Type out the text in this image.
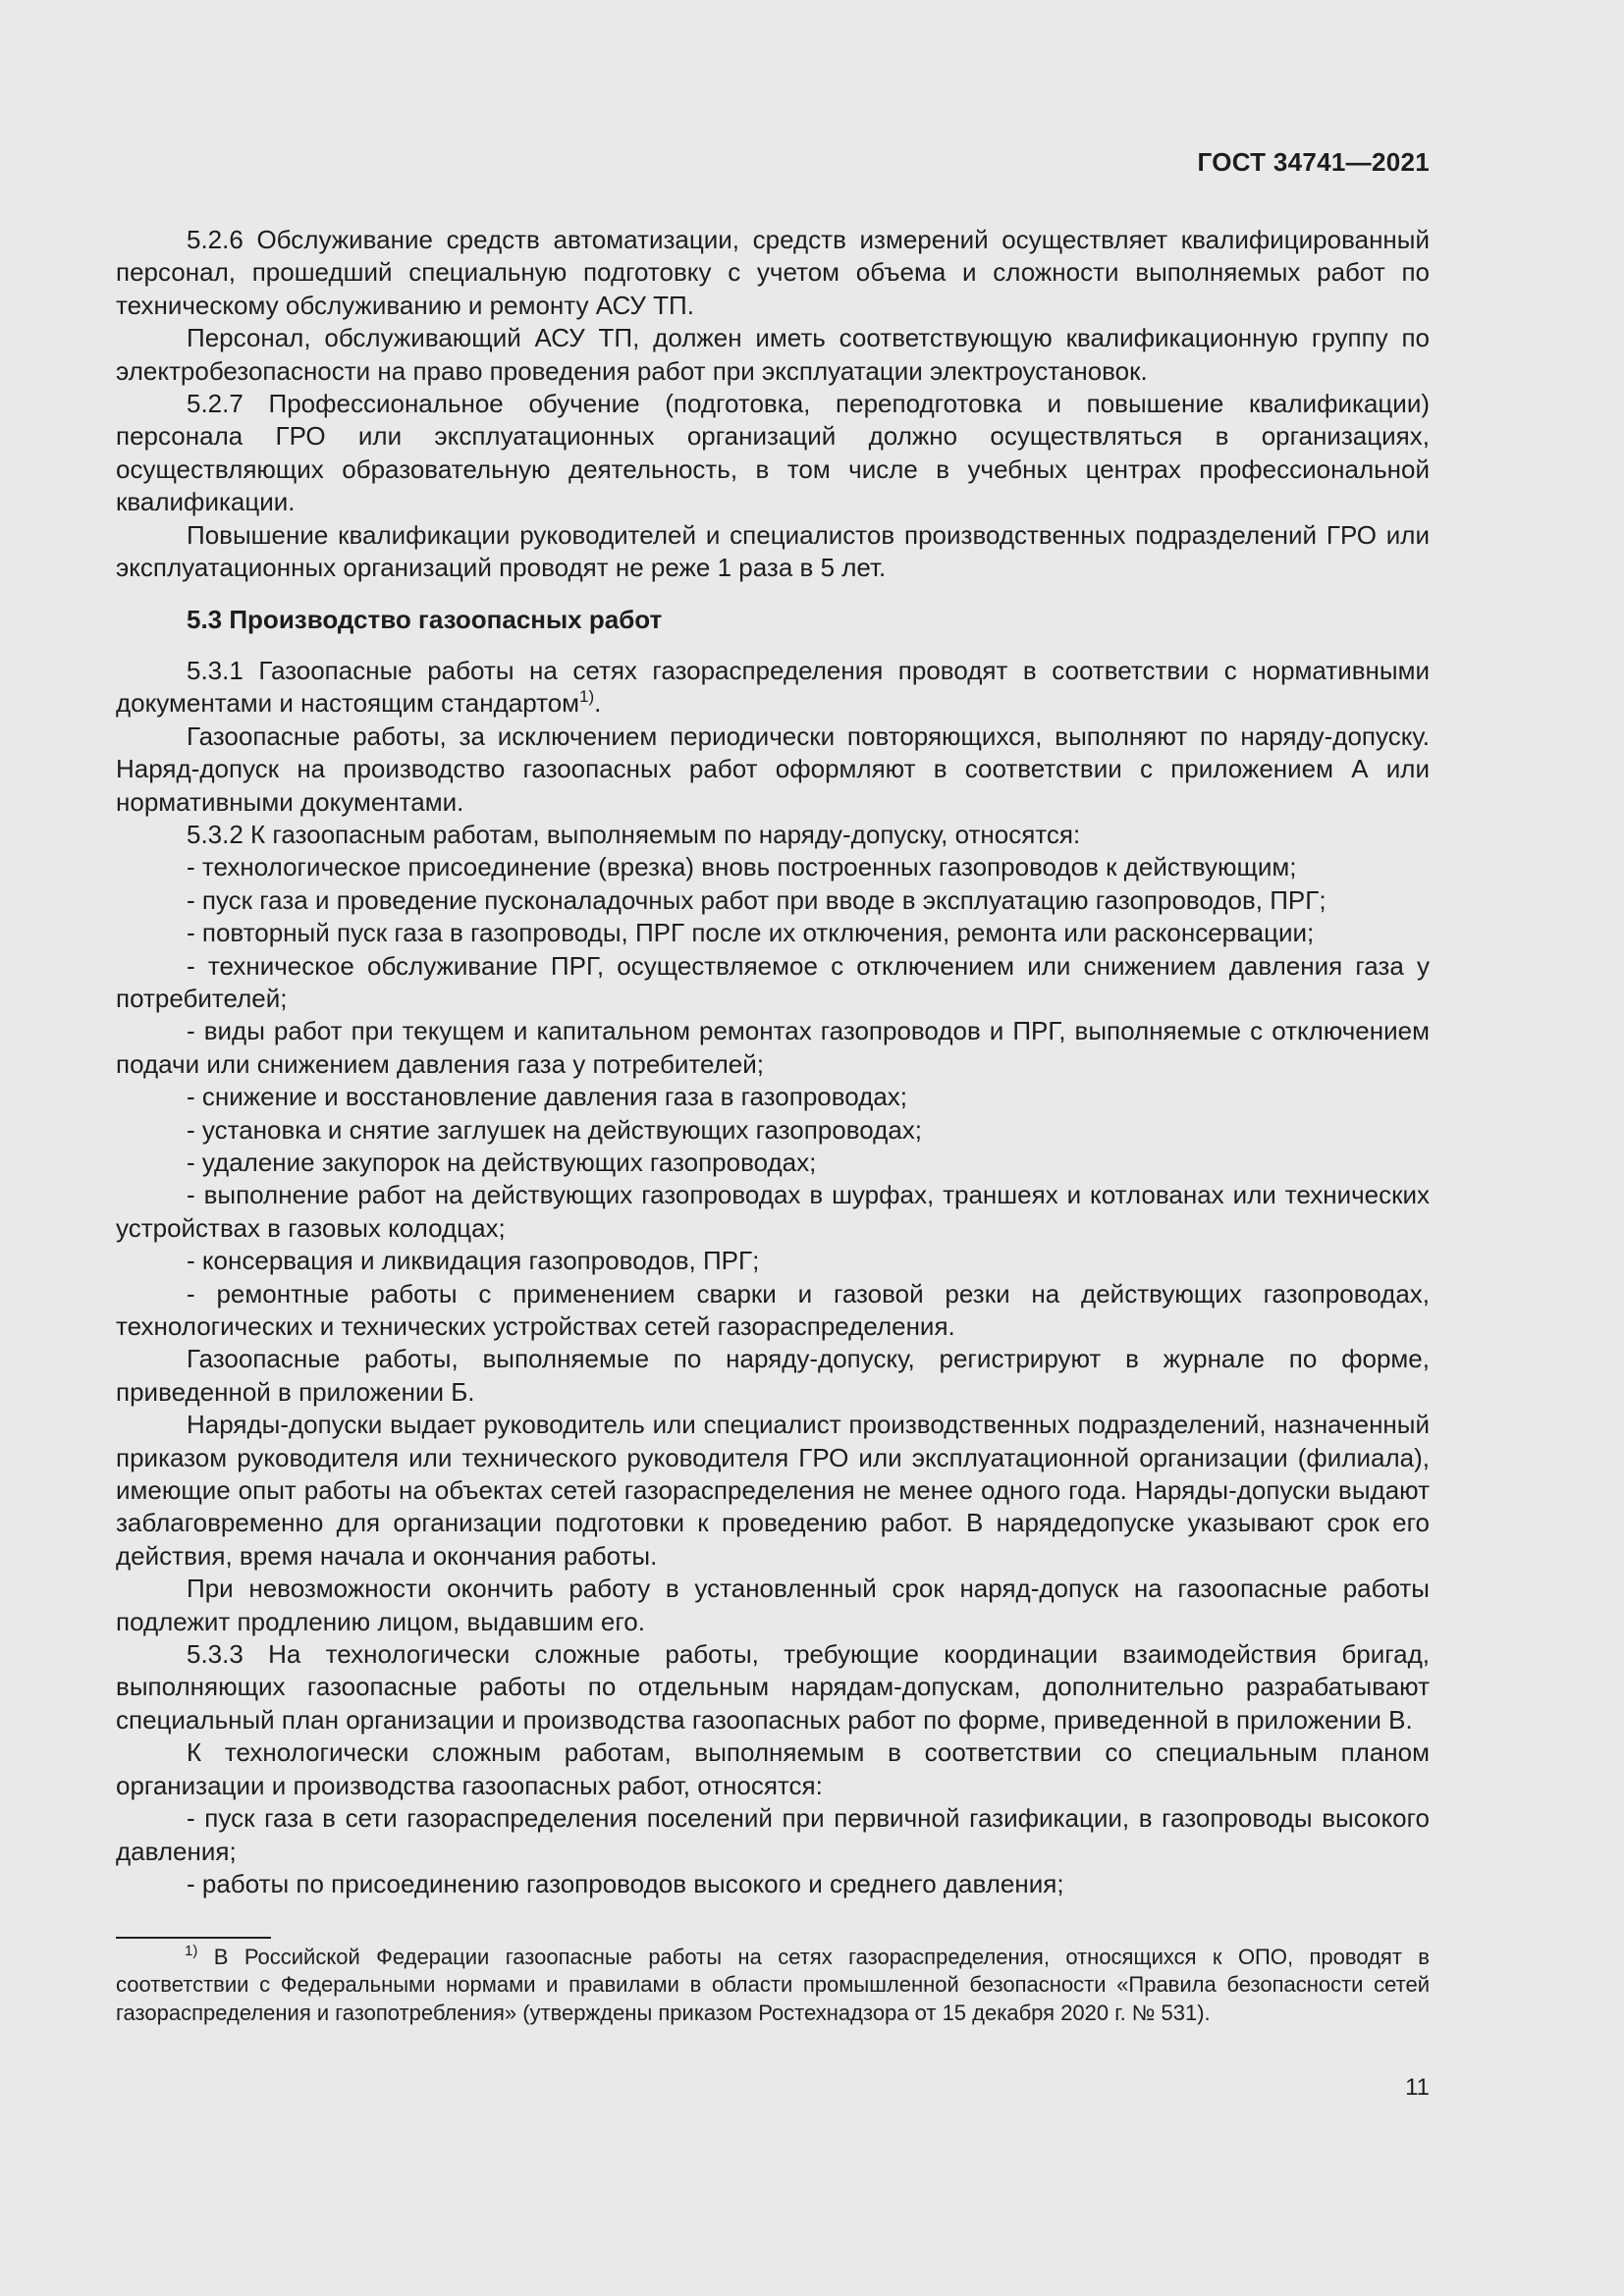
ГОСТ 34741—2021

5.2.6 Обслуживание средств автоматизации, средств измерений осуществляет квалифицированный персонал, прошедший специальную подготовку с учетом объема и сложности выполняемых работ по техническому обслуживанию и ремонту АСУ ТП.

Персонал, обслуживающий АСУ ТП, должен иметь соответствующую квалификационную группу по электробезопасности на право проведения работ при эксплуатации электроустановок.

5.2.7 Профессиональное обучение (подготовка, переподготовка и повышение квалификации) персонала ГРО или эксплуатационных организаций должно осуществляться в организациях, осуществляющих образовательную деятельность, в том числе в учебных центрах профессиональной квалификации.

Повышение квалификации руководителей и специалистов производственных подразделений ГРО или эксплуатационных организаций проводят не реже 1 раза в 5 лет.

5.3 Производство газоопасных работ

5.3.1 Газоопасные работы на сетях газораспределения проводят в соответствии с нормативными документами и настоящим стандартом$^{1)}$.

Газоопасные работы, за исключением периодически повторяющихся, выполняют по наряду-допуску. Наряд-допуск на производство газоопасных работ оформляют в соответствии с приложением А или нормативными документами.

5.3.2 К газоопасным работам, выполняемым по наряду-допуску, относятся:

- технологическое присоединение (врезка) вновь построенных газопроводов к действующим;

- пуск газа и проведение пусконаладочных работ при вводе в эксплуатацию газопроводов, ПРГ;

- повторный пуск газа в газопроводы, ПРГ после их отключения, ремонта или расконсервации;

- техническое обслуживание ПРГ, осуществляемое с отключением или снижением давления газа у потребителей;

- виды работ при текущем и капитальном ремонтах газопроводов и ПРГ, выполняемые с отключением подачи или снижением давления газа у потребителей;

- снижение и восстановление давления газа в газопроводах;

- установка и снятие заглушек на действующих газопроводах;

- удаление закупорок на действующих газопроводах;

- выполнение работ на действующих газопроводах в шурфах, траншеях и котлованах или технических устройствах в газовых колодцах;

- консервация и ликвидация газопроводов, ПРГ;

- ремонтные работы с применением сварки и газовой резки на действующих газопроводах, технологических и технических устройствах сетей газораспределения.

Газоопасные работы, выполняемые по наряду-допуску, регистрируют в журнале по форме, приведенной в приложении Б.

Наряды-допуски выдает руководитель или специалист производственных подразделений, назначенный приказом руководителя или технического руководителя ГРО или эксплуатационной организации (филиала), имеющие опыт работы на объектах сетей газораспределения не менее одного года. Наряды-допуски выдают заблаговременно для организации подготовки к проведению работ. В нарядедопуске указывают срок его действия, время начала и окончания работы.

При невозможности окончить работу в установленный срок наряд-допуск на газоопасные работы подлежит продлению лицом, выдавшим его.

5.3.3 На технологически сложные работы, требующие координации взаимодействия бригад, выполняющих газоопасные работы по отдельным нарядам-допускам, дополнительно разрабатывают специальный план организации и производства газоопасных работ по форме, приведенной в приложении В.

К технологически сложным работам, выполняемым в соответствии со специальным планом организации и производства газоопасных работ, относятся:

- пуск газа в сети газораспределения поселений при первичной газификации, в газопроводы высокого давления;

- работы по присоединению газопроводов высокого и среднего давления;

$^{1)}$ В Российской Федерации газоопасные работы на сетях газораспределения, относящихся к ОПО, проводят в соответствии с Федеральными нормами и правилами в области промышленной безопасности «Правила безопасности сетей газораспределения и газопотребления» (утверждены приказом Ростехнадзора от 15 декабря 2020 г. № 531).
11
